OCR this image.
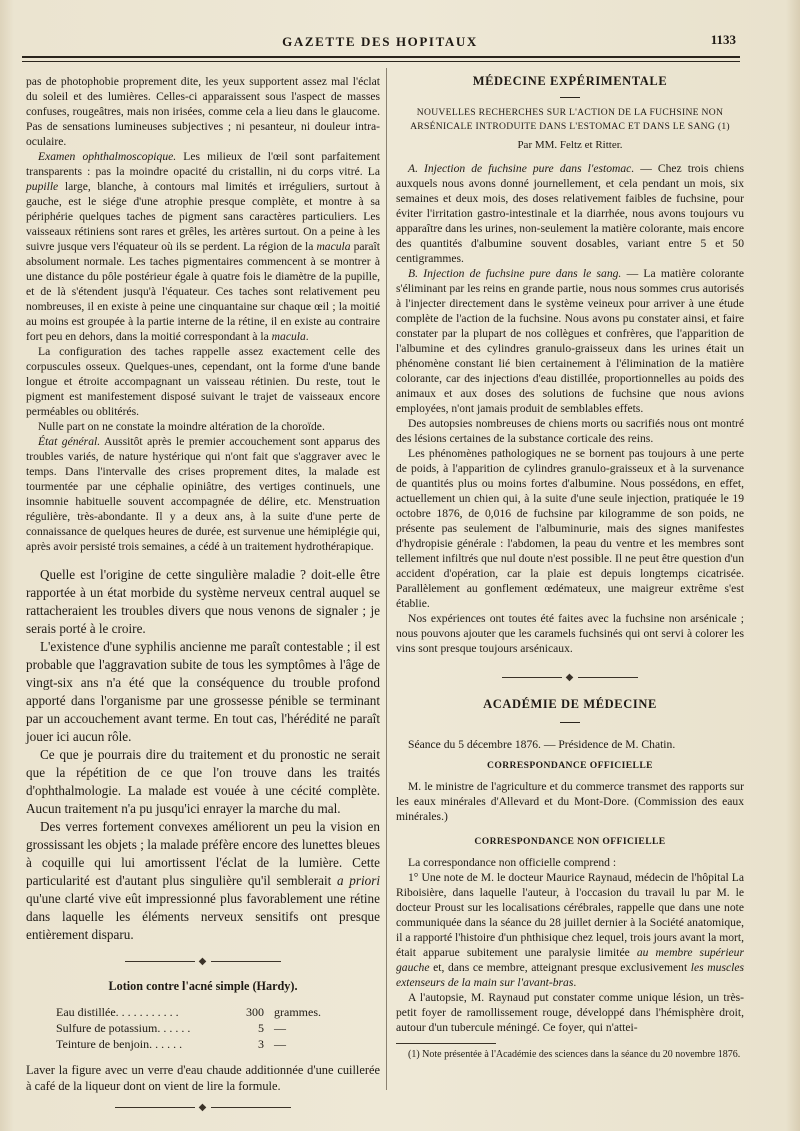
GAZETTE DES HOPITAUX	1133

pas de photophobie proprement dite, les yeux supportent assez mal l'éclat du soleil et des lumières. Celles-ci apparaissent sous l'aspect de masses confuses, rougeâtres, mais non irisées, comme cela a lieu dans le glaucome. Pas de sensations lumineuses subjectives ; ni pesanteur, ni douleur intra-oculaire.

Examen ophthalmoscopique. Les milieux de l'œil sont parfaitement transparents : pas la moindre opacité du cristallin, ni du corps vitré. La pupille large, blanche, à contours mal limités et irréguliers, surtout à gauche, est le siége d'une atrophie presque complète, et montre à sa périphérie quelques taches de pigment sans caractères particuliers. Les vaisseaux rétiniens sont rares et grêles, les artères surtout. On a peine à les suivre jusque vers l'équateur où ils se perdent. La région de la macula paraît absolument normale. Les taches pigmentaires commencent à se montrer à une distance du pôle postérieur égale à quatre fois le diamètre de la pupille, et de là s'étendent jusqu'à l'équateur. Ces taches sont relativement peu nombreuses, il en existe à peine une cinquantaine sur chaque œil ; la moitié au moins est groupée à la partie interne de la rétine, il en existe au contraire fort peu en dehors, dans la moitié correspondant à la macula.

La configuration des taches rappelle assez exactement celle des corpuscules osseux. Quelques-unes, cependant, ont la forme d'une bande longue et étroite accompagnant un vaisseau rétinien. Du reste, tout le pigment est manifestement disposé suivant le trajet de vaisseaux encore perméables ou oblitérés.

Nulle part on ne constate la moindre altération de la choroïde.

État général. Aussitôt après le premier accouchement sont apparus des troubles variés, de nature hystérique qui n'ont fait que s'aggraver avec le temps. Dans l'intervalle des crises proprement dites, la malade est tourmentée par une céphalie opiniâtre, des vertiges continuels, une insomnie habituelle souvent accompagnée de délire, etc. Menstruation régulière, très-abondante. Il y a deux ans, à la suite d'une perte de connaissance de quelques heures de durée, est survenue une hémiplégie qui, après avoir persisté trois semaines, a cédé à un traitement hydrothérapique.

Quelle est l'origine de cette singulière maladie ? doit-elle être rapportée à un état morbide du système nerveux central auquel se rattacheraient les troubles divers que nous venons de signaler ; je serais porté à le croire.

L'existence d'une syphilis ancienne me paraît contestable ; il est probable que l'aggravation subite de tous les symptômes à l'âge de vingt-six ans n'a été que la conséquence du trouble profond apporté dans l'organisme par une grossesse pénible se terminant par un accouchement avant terme. En tout cas, l'hérédité ne paraît jouer ici aucun rôle.

Ce que je pourrais dire du traitement et du pronostic ne serait que la répétition de ce que l'on trouve dans les traités d'ophthalmologie. La malade est vouée à une cécité complète. Aucun traitement n'a pu jusqu'ici enrayer la marche du mal.

Des verres fortement convexes améliorent un peu la vision en grossissant les objets ; la malade préfère encore des lunettes bleues à coquille qui lui amortissent l'éclat de la lumière. Cette particularité est d'autant plus singulière qu'il semblerait a priori qu'une clarté vive eût impressionné plus favorablement une rétine dans laquelle les éléments nerveux sensitifs ont presque entièrement disparu.

◆
Lotion contre l'acné simple (Hardy).
Eau distillée. . . . . . . . . . .	300 grammes.
Sulfure de potassium. . . . . .	5 —
Teinture de benjoin. . . . . .	3 —

Laver la figure avec un verre d'eau chaude additionnée d'une cuillerée à café de la liqueur dont on vient de lire la formule.

◆
MÉDECINE EXPÉRIMENTALE
NOUVELLES RECHERCHES SUR L'ACTION DE LA FUCHSINE NON ARSÉNICALE INTRODUITE DANS L'ESTOMAC ET DANS LE SANG (1)
Par MM. Feltz et Ritter.

A. Injection de fuchsine pure dans l'estomac. — Chez trois chiens auxquels nous avons donné journellement, et cela pendant un mois, six semaines et deux mois, des doses relativement faibles de fuchsine, pour éviter l'irritation gastro-intestinale et la diarrhée, nous avons toujours vu apparaître dans les urines, non-seulement la matière colorante, mais encore des quantités d'albumine souvent dosables, variant entre 5 et 50 centigrammes.

B. Injection de fuchsine pure dans le sang. — La matière colorante s'éliminant par les reins en grande partie, nous nous sommes crus autorisés à l'injecter directement dans le système veineux pour arriver à une étude complète de l'action de la fuchsine. Nous avons pu constater ainsi, et faire constater par la plupart de nos collègues et confrères, que l'apparition de l'albumine et des cylindres granulo-graisseux dans les urines était un phénomène constant lié bien certainement à l'élimination de la matière colorante, car des injections d'eau distillée, proportionnelles au poids des animaux et aux doses des solutions de fuchsine que nous avions employées, n'ont jamais produit de semblables effets.

Des autopsies nombreuses de chiens morts ou sacrifiés nous ont montré des lésions certaines de la substance corticale des reins.

Les phénomènes pathologiques ne se bornent pas toujours à une perte de poids, à l'apparition de cylindres granulo-graisseux et à la survenance de quantités plus ou moins fortes d'albumine. Nous possédons, en effet, actuellement un chien qui, à la suite d'une seule injection, pratiquée le 19 octobre 1876, de 0,016 de fuchsine par kilogramme de son poids, ne présente pas seulement de l'albuminurie, mais des signes manifestes d'hydropisie générale : l'abdomen, la peau du ventre et les membres sont tellement infiltrés que nul doute n'est possible. Il ne peut être question d'un accident d'opération, car la plaie est depuis longtemps cicatrisée. Parallèlement au gonflement œdémateux, une maigreur extrême s'est établie.

Nos expériences ont toutes été faites avec la fuchsine non arsénicale ; nous pouvons ajouter que les caramels fuchsinés qui ont servi à colorer les vins sont presque toujours arsénicaux.

◆
ACADÉMIE DE MÉDECINE

Séance du 5 décembre 1876. — Présidence de M. Chatin.

CORRESPONDANCE OFFICIELLE

M. le ministre de l'agriculture et du commerce transmet des rapports sur les eaux minérales d'Allevard et du Mont-Dore. (Commission des eaux minérales.)

CORRESPONDANCE NON OFFICIELLE

La correspondance non officielle comprend :

1° Une note de M. le docteur Maurice Raynaud, médecin de l'hôpital La Riboisière, dans laquelle l'auteur, à l'occasion du travail lu par M. le docteur Proust sur les localisations cérébrales, rappelle que dans une note communiquée dans la séance du 28 juillet dernier à la Société anatomique, il a rapporté l'histoire d'un phthisique chez lequel, trois jours avant la mort, était apparue subitement une paralysie limitée au membre supérieur gauche et, dans ce membre, atteignant presque exclusivement les muscles extenseurs de la main sur l'avant-bras.

A l'autopsie, M. Raynaud put constater comme unique lésion, un très-petit foyer de ramollissement rouge, développé dans l'hémisphère droit, autour d'un tubercule méningé. Ce foyer, qui n'attei-

(1) Note présentée à l'Académie des sciences dans la séance du 20 novembre 1876.
